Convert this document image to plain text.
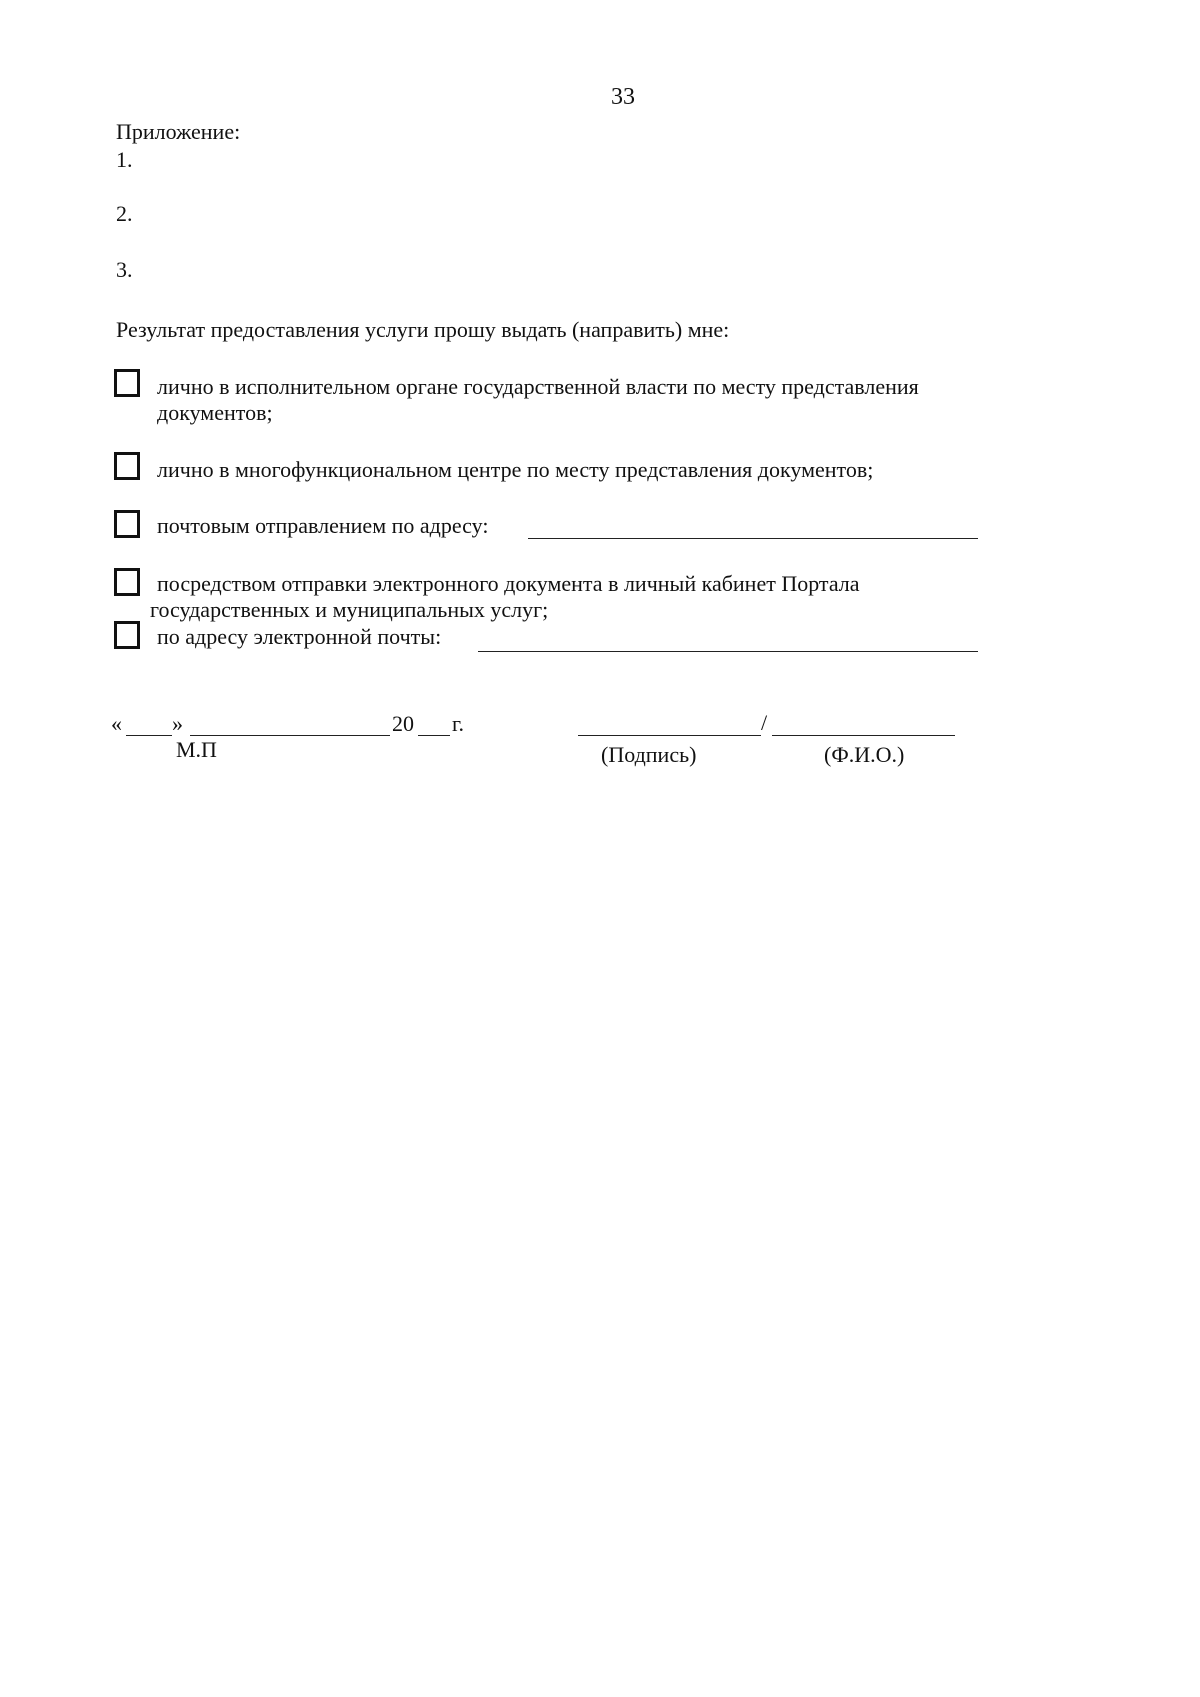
33
Приложение:
1.
2.
3.
Результат предоставления услуги прошу выдать (направить) мне:
лично в исполнительном органе государственной власти по месту представления
документов;
лично в многофункциональном центре по месту представления документов;
почтовым отправлением по адресу:
посредством отправки электронного документа в личный кабинет Портала
государственных и муниципальных услуг;
по адресу электронной почты:
« »	20 г.
М.П
/
(Подпись)	(Ф.И.О.)
